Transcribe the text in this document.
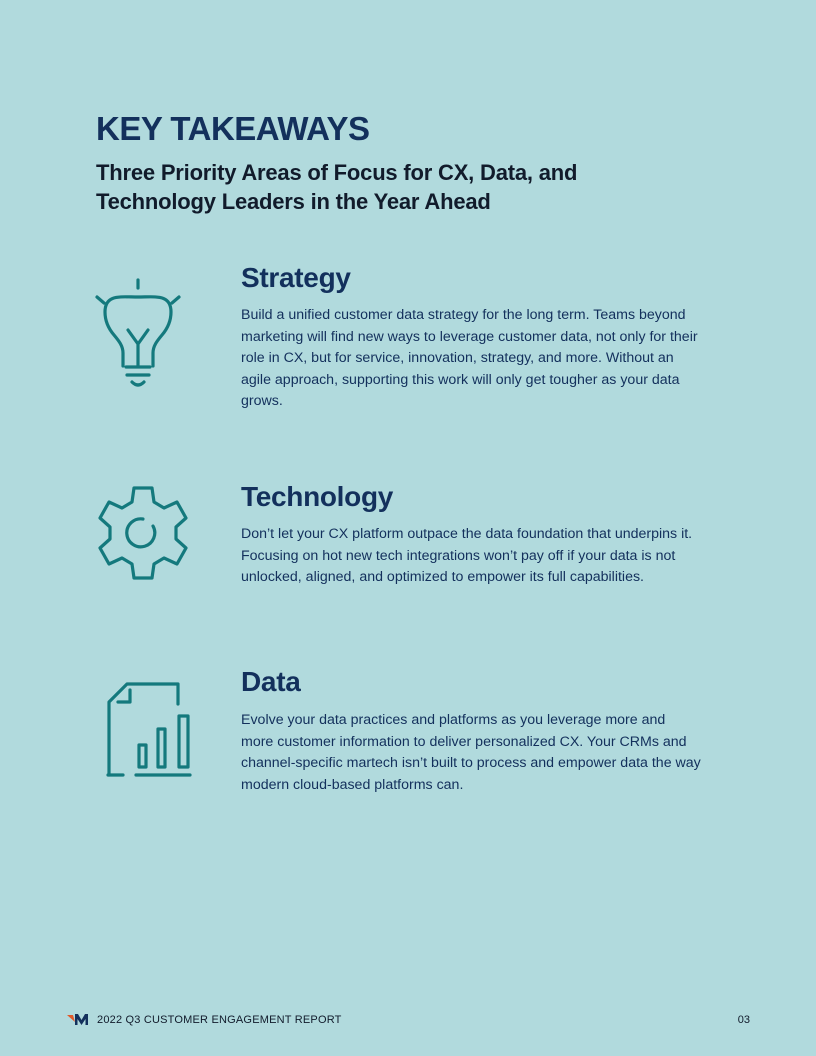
KEY TAKEAWAYS
Three Priority Areas of Focus for CX, Data, and Technology Leaders in the Year Ahead
Strategy

Build a unified customer data strategy for the long term. Teams beyond marketing will find new ways to leverage customer data, not only for their role in CX, but for service, innovation, strategy, and more. Without an agile approach, supporting this work will only get tougher as your data grows.

Technology

Don’t let your CX platform outpace the data foundation that underpins it. Focusing on hot new tech integrations won’t pay off if your data is not unlocked, aligned, and optimized to empower its full capabilities.

Data

Evolve your data practices and platforms as you leverage more and more customer information to deliver personalized CX. Your CRMs and channel-specific martech isn’t built to process and empower data the way modern cloud-based platforms can.

2022 Q3 CUSTOMER ENGAGEMENT REPORT	03
